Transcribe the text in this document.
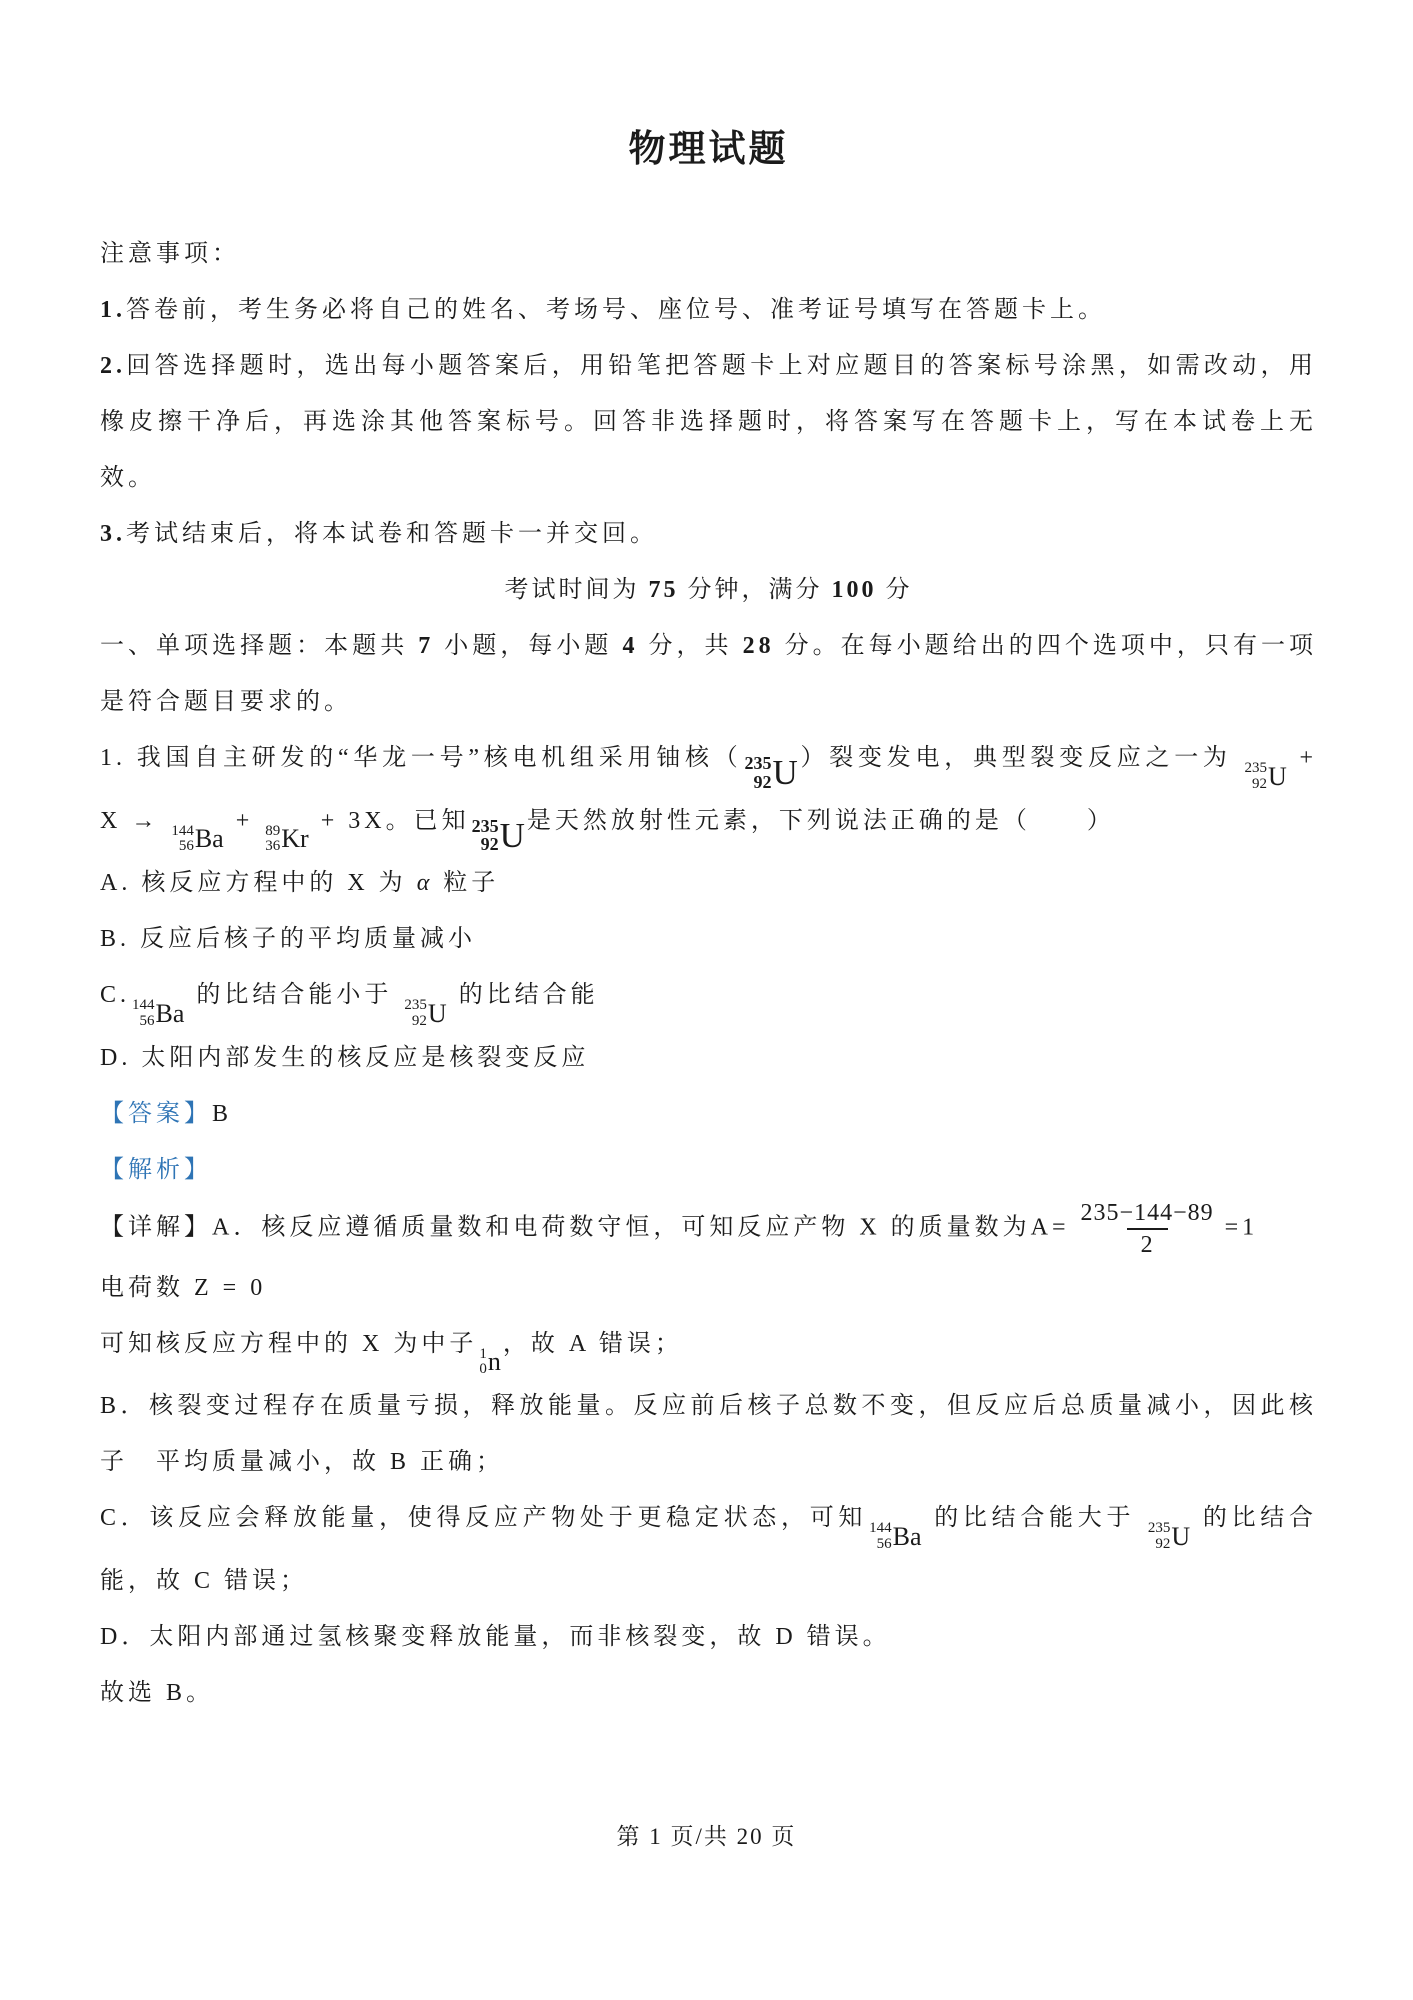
物理试题

注意事项：

1.答卷前，考生务必将自己的姓名、考场号、座位号、准考证号填写在答题卡上。

2.回答选择题时，选出每小题答案后，用铅笔把答题卡上对应题目的答案标号涂黑，如需改动，用橡皮擦干净后，再选涂其他答案标号。回答非选择题时，将答案写在答题卡上，写在本试卷上无效。

3.考试结束后，将本试卷和答题卡一并交回。

考试时间为 75 分钟，满分 100 分

一、单项选择题：本题共 7 小题，每小题 4 分，共 28 分。在每小题给出的四个选项中，只有一项是符合题目要求的。

1. 我国自主研发的“华龙一号”核电机组采用铀核（ 235
92 U ）裂变发电，典型裂变反应之一为 235
92 U
+ X → 144
56 Ba
+ 89
36 Kr
+ 3X。已知 235
92 U 是天然放射性元素，下列说法正确的是（　　）

A. 核反应方程中的 X 为 α 粒子

B. 反应后核子的平均质量减小

C. 144
56 Ba
的比结合能小于 235
92 U
的比结合能

D. 太阳内部发生的核反应是核裂变反应

【答案】B

【解析】

【详解】A．核反应遵循质量数和电荷数守恒，可知反应产物 X 的质量数为$A= \frac{235-144-89}{2} =1$

电荷数 Z = 0

可知核反应方程中的 X 为中子 1
0 n
，故 A 错误；

B．核裂变过程存在质量亏损，释放能量。反应前后核子总数不变，但反应后总质量减小，因此核子　平均质量减小，故 B 正确；

C．该反应会释放能量，使得反应产物处于更稳定状态，可知 144
56 Ba
的比结合能大于 235
92 U
的比结合能，故 C 错误；

D．太阳内部通过氢核聚变释放能量，而非核裂变，故 D 错误。

故选 B。

第 1 页/共 20 页
